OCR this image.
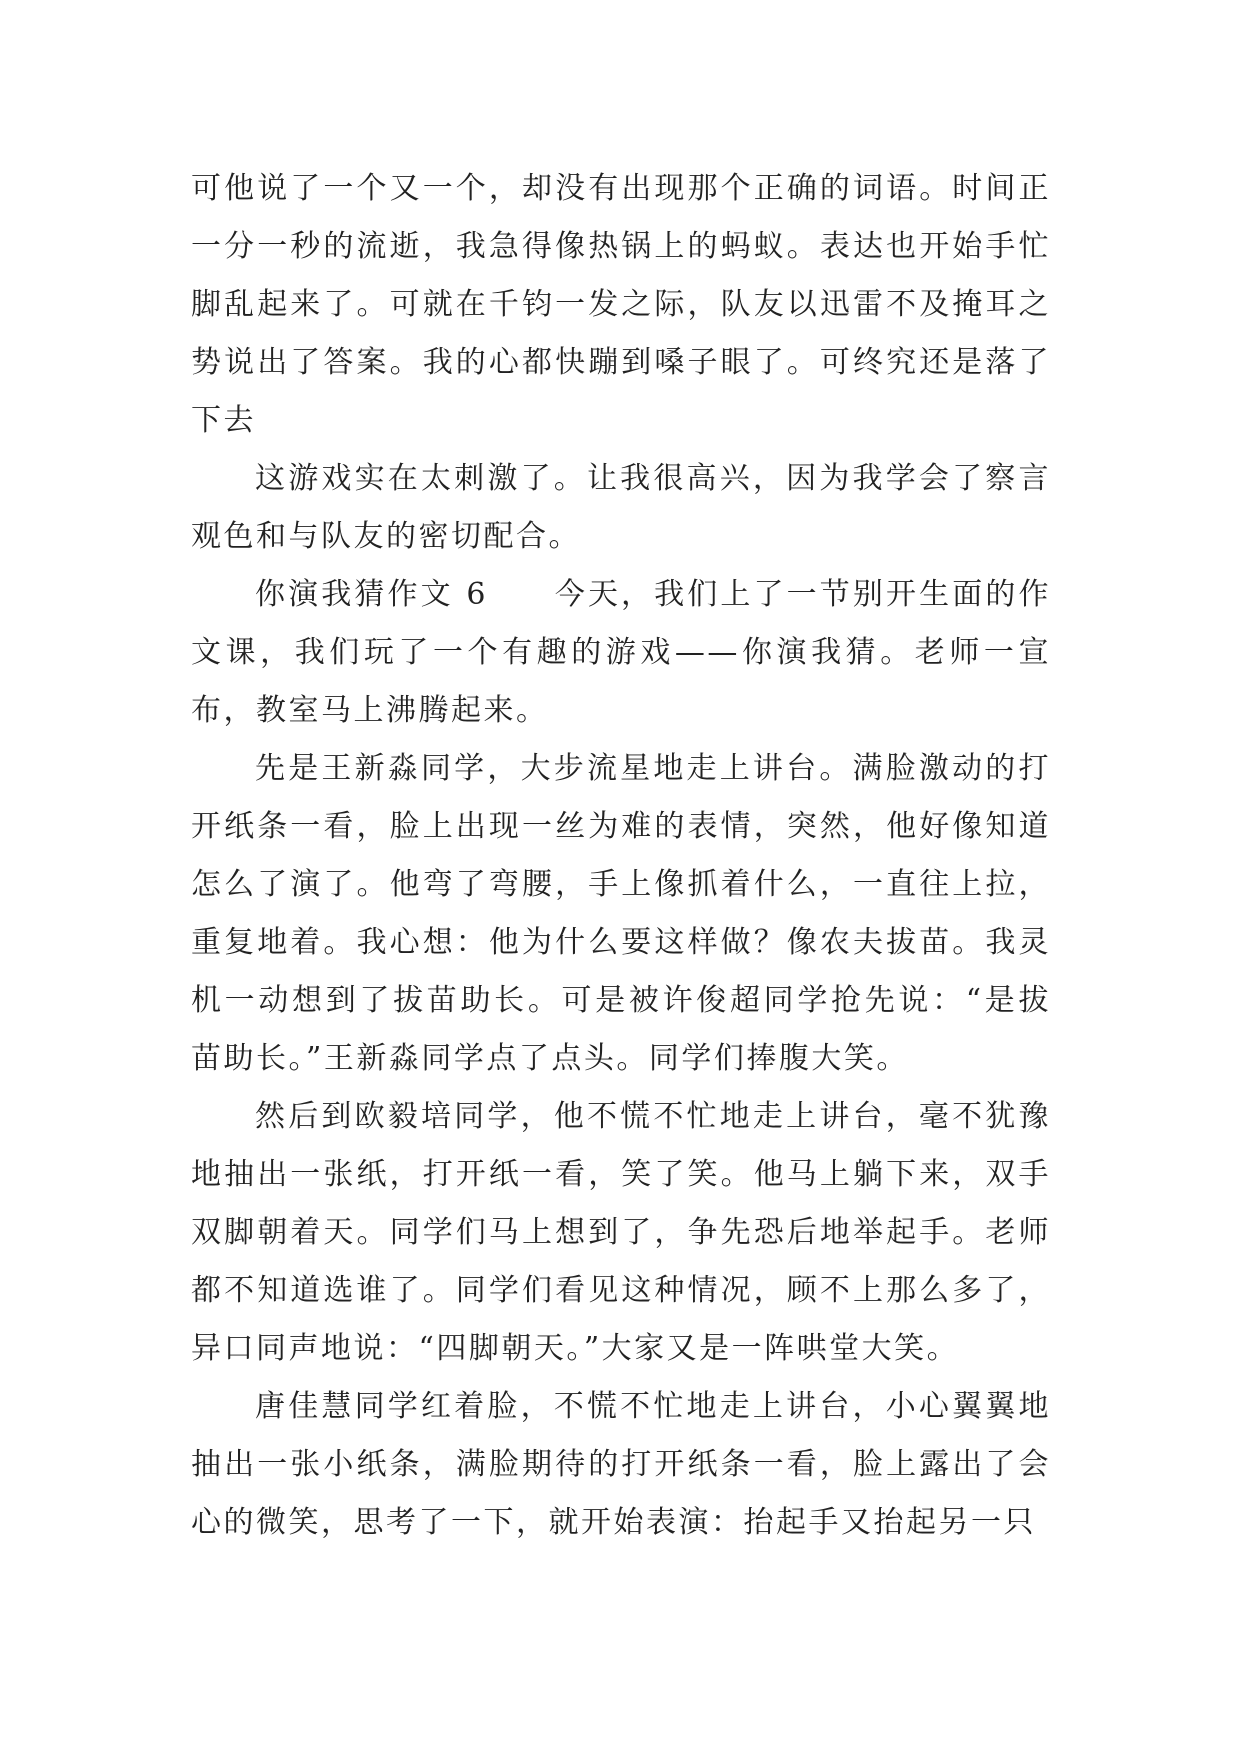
可他说了一个又一个，却没有出现那个正确的词语。时间正一分一秒的流逝，我急得像热锅上的蚂蚁。表达也开始手忙脚乱起来了。可就在千钧一发之际，队友以迅雷不及掩耳之势说出了答案。我的心都快蹦到嗓子眼了。可终究还是落了下去

这游戏实在太刺激了。让我很高兴，因为我学会了察言观色和与队友的密切配合。

你演我猜作文 6　　今天，我们上了一节别开生面的作文课，我们玩了一个有趣的游戏——你演我猜。老师一宣布，教室马上沸腾起来。

先是王新淼同学，大步流星地走上讲台。满脸激动的打开纸条一看，脸上出现一丝为难的表情，突然，他好像知道怎么了演了。他弯了弯腰，手上像抓着什么，一直往上拉，重复地着。我心想：他为什么要这样做？像农夫拔苗。我灵机一动想到了拔苗助长。可是被许俊超同学抢先说：“是拔苗助长。”王新淼同学点了点头。同学们捧腹大笑。

然后到欧毅培同学，他不慌不忙地走上讲台，毫不犹豫地抽出一张纸，打开纸一看，笑了笑。他马上躺下来，双手双脚朝着天。同学们马上想到了，争先恐后地举起手。老师都不知道选谁了。同学们看见这种情况，顾不上那么多了，异口同声地说：“四脚朝天。”大家又是一阵哄堂大笑。

唐佳慧同学红着脸，不慌不忙地走上讲台，小心翼翼地抽出一张小纸条，满脸期待的打开纸条一看，脸上露出了会心的微笑，思考了一下，就开始表演：抬起手又抬起另一只
